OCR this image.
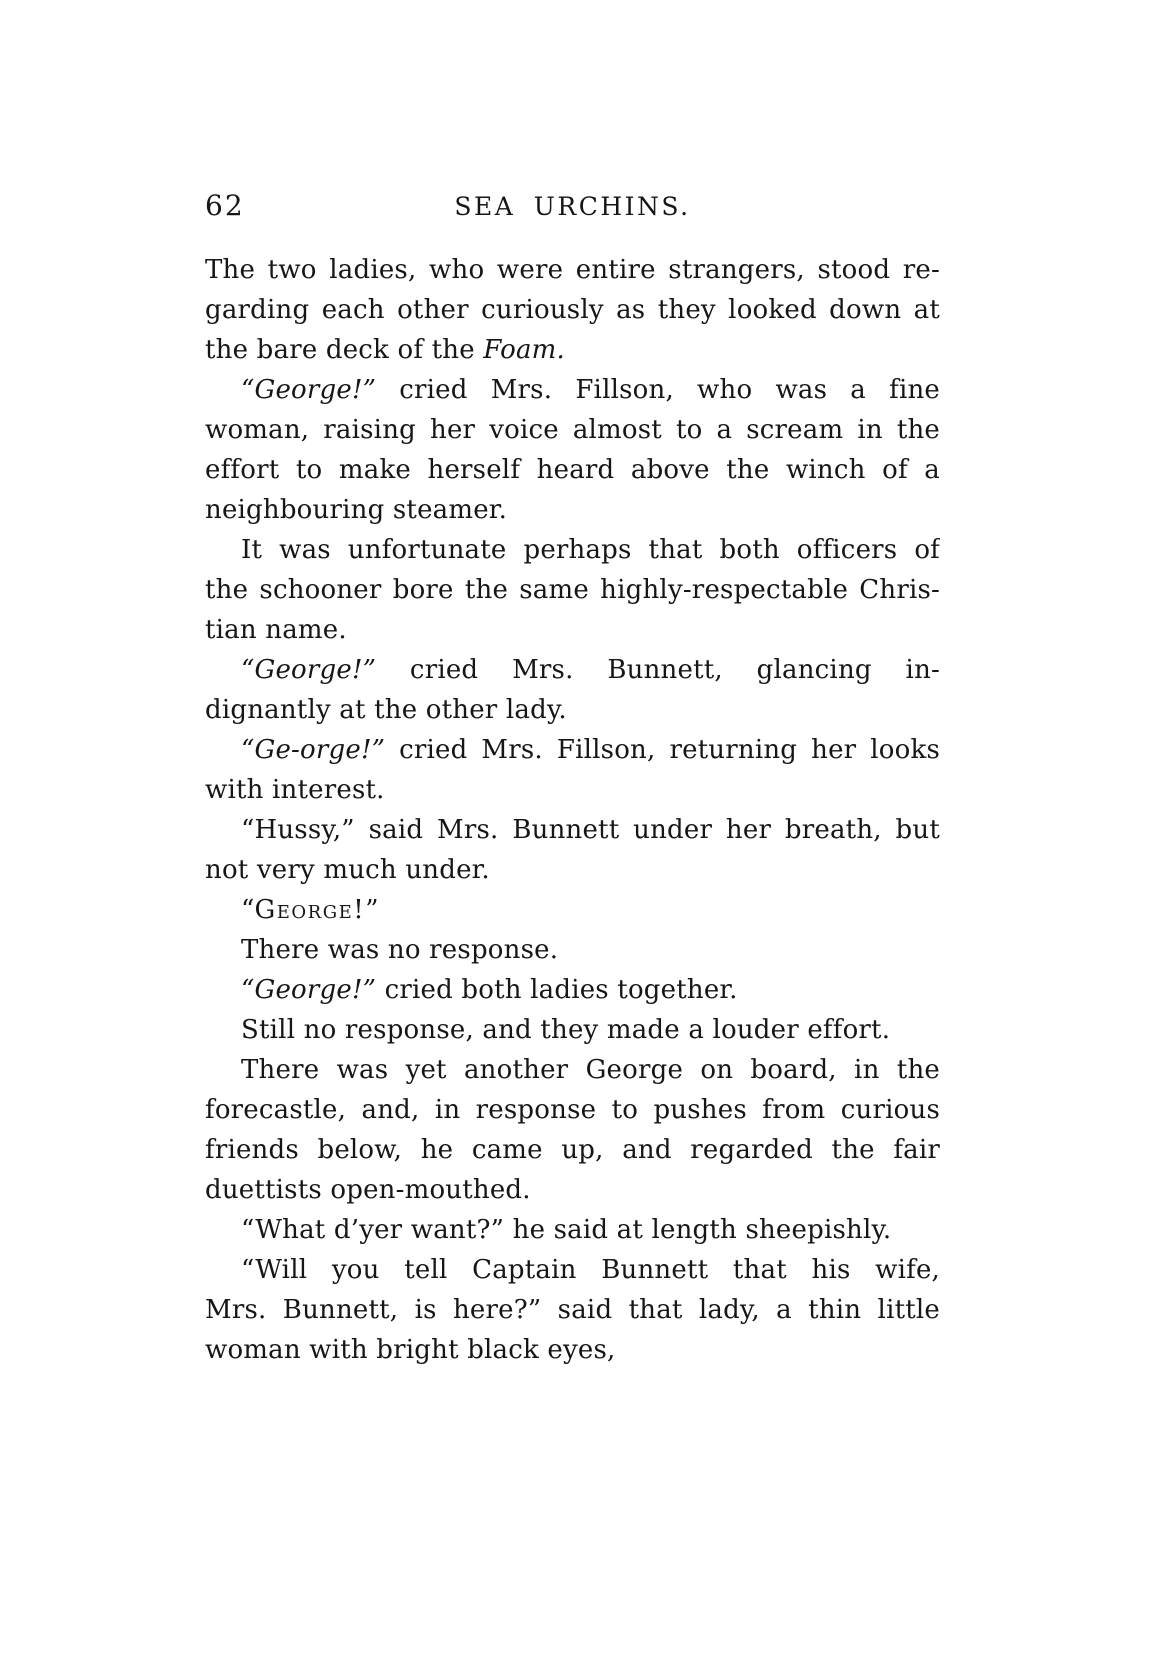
62	SEA URCHINS.
The two ladies, who were entire strangers, stood re-
garding each other curiously as they looked down at
the bare deck of the Foam.
“George!” cried Mrs. Fillson, who was a fine
woman, raising her voice almost to a scream in the
effort to make herself heard above the winch of a
neighbouring steamer.
It was unfortunate perhaps that both officers of
the schooner bore the same highly-respectable Chris-
tian name.
“George!” cried Mrs. Bunnett, glancing in-
dignantly at the other lady.
“Ge-orge!” cried Mrs. Fillson, returning her looks
with interest.
“Hussy,” said Mrs. Bunnett under her breath, but
not very much under.
“George!”
There was no response.
“George!” cried both ladies together.
Still no response, and they made a louder effort.
There was yet another George on board, in the
forecastle, and, in response to pushes from curious
friends below, he came up, and regarded the fair
duettists open-mouthed.
“What d’yer want?” he said at length sheepishly.
“Will you tell Captain Bunnett that his wife,
Mrs. Bunnett, is here?” said that lady, a thin little
woman with bright black eyes,
